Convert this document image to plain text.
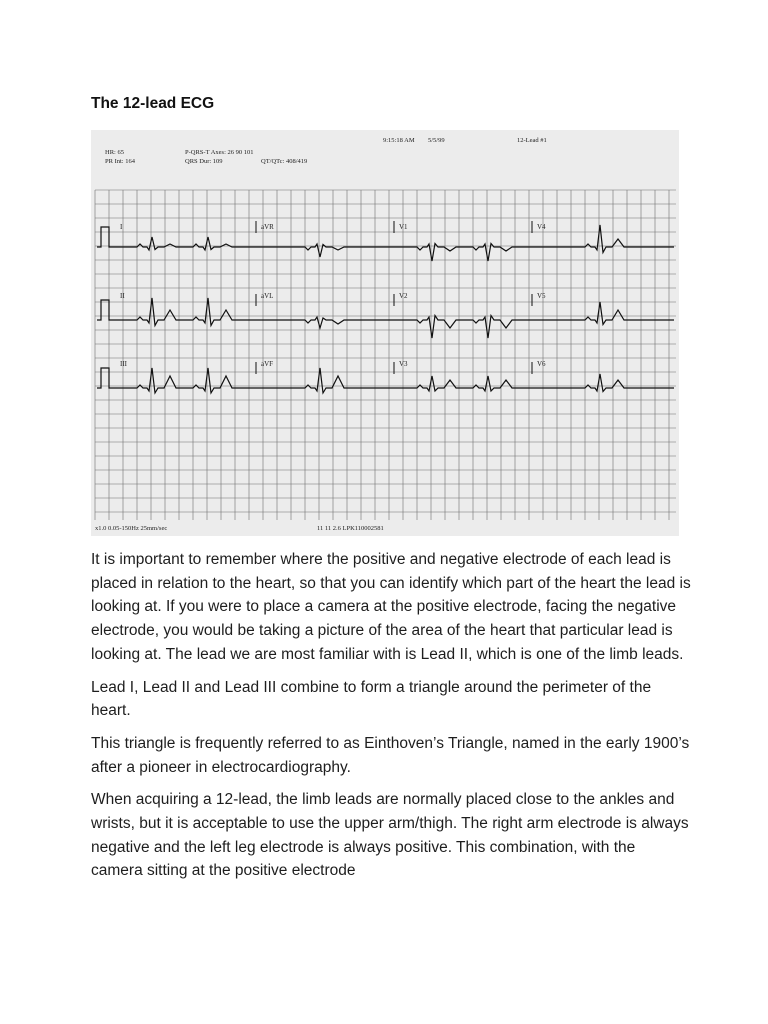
The 12-lead ECG
HR: 65
PR Int: 164
P-QRS-T Axes: 26 90 101
QRS Dur: 109	QT/QTc: 408/419
9:15:18 AM 5/5/99	12-Lead #1
I	aVR	V1	V4
II	aVL	V2	V5
III	aVF	V3	V6
x1.0 0.05-150Hz 25mm/sec	11 11 2.6 LPK110002581

It is important to remember where the positive and negative electrode of each lead is placed in relation to the heart, so that you can identify which part of the heart the lead is looking at. If you were to place a camera at the positive electrode, facing the negative electrode, you would be taking a picture of the area of the heart that particular lead is looking at. The lead we are most familiar with is Lead II, which is one of the limb leads.

Lead I, Lead II and Lead III combine to form a triangle around the perimeter of the heart.

This triangle is frequently referred to as Einthoven’s Triangle, named in the early 1900’s after a pioneer in electrocardiography.

When acquiring a 12-lead, the limb leads are normally placed close to the ankles and wrists, but it is acceptable to use the upper arm/thigh. The right arm electrode is always negative and the left leg electrode is always positive. This combination, with the camera sitting at the positive electrode
